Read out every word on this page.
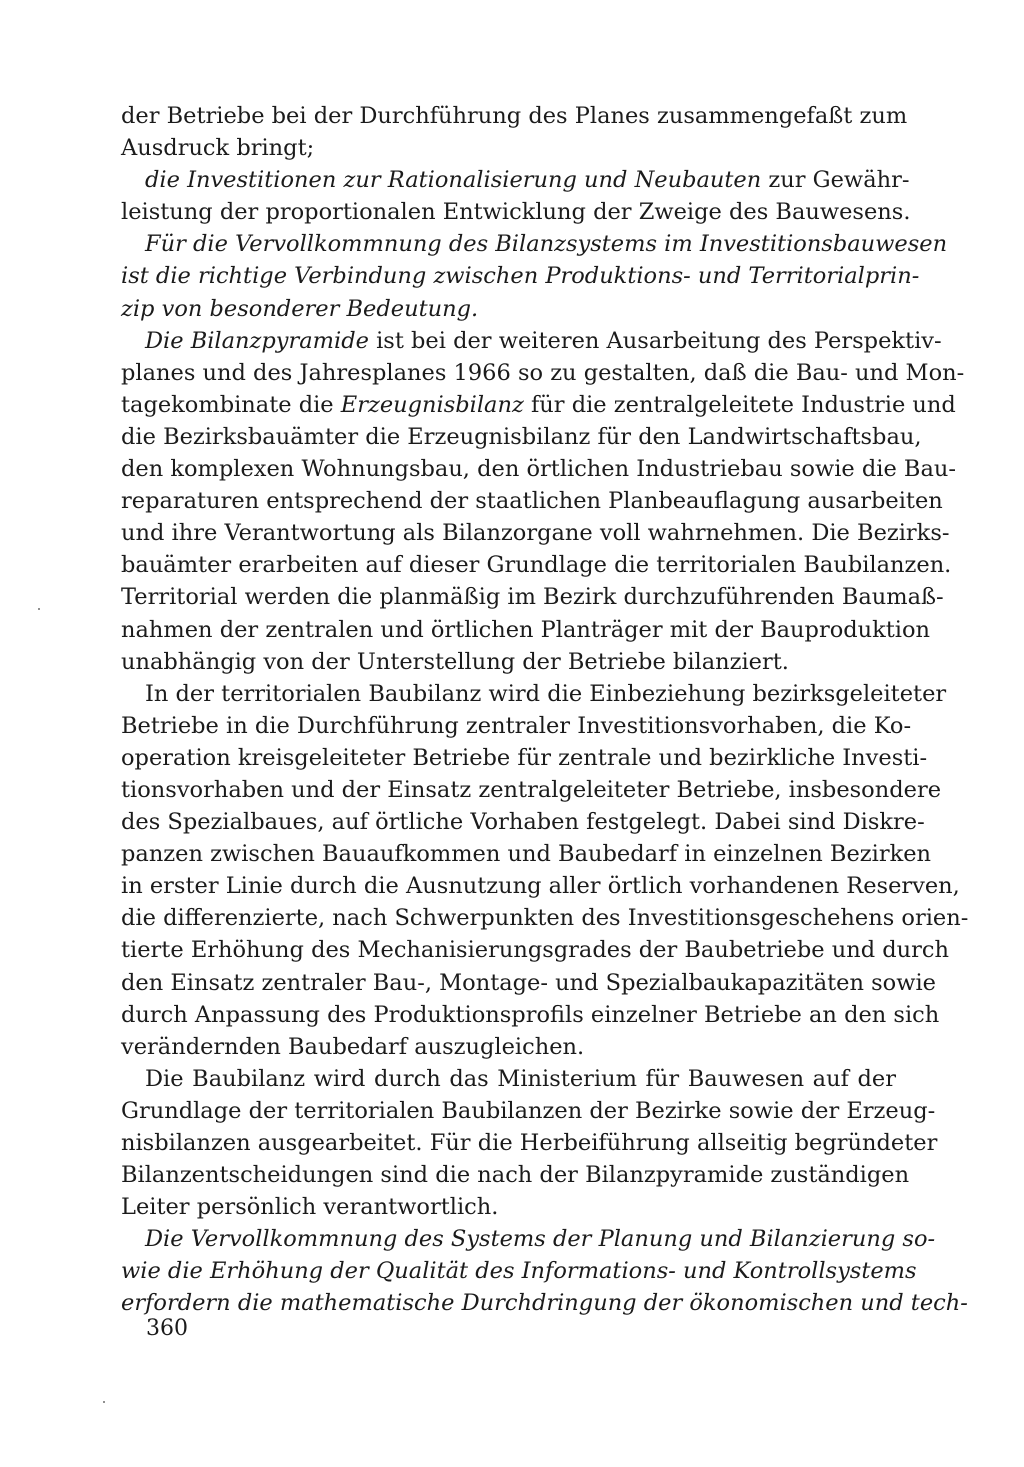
der Betriebe bei der Durchführung des Planes zusammengefaßt zum
Ausdruck bringt;
die Investitionen zur Rationalisierung und Neubauten zur Gewähr-
leistung der proportionalen Entwicklung der Zweige des Bauwesens.
Für die Vervollkommnung des Bilanzsystems im Investitionsbauwesen
ist die richtige Verbindung zwischen Produktions- und Territorialprin-
zip von besonderer Bedeutung.
Die Bilanzpyramide ist bei der weiteren Ausarbeitung des Perspektiv-
planes und des Jahresplanes 1966 so zu gestalten, daß die Bau- und Mon-
tagekombinate die Erzeugnisbilanz für die zentralgeleitete Industrie und
die Bezirksbauämter die Erzeugnisbilanz für den Landwirtschaftsbau,
den komplexen Wohnungsbau, den örtlichen Industriebau sowie die Bau-
reparaturen entsprechend der staatlichen Planbeauflagung ausarbeiten
und ihre Verantwortung als Bilanzorgane voll wahrnehmen. Die Bezirks-
bauämter erarbeiten auf dieser Grundlage die territorialen Baubilanzen.
Territorial werden die planmäßig im Bezirk durchzuführenden Baumaß-
nahmen der zentralen und örtlichen Planträger mit der Bauproduktion
unabhängig von der Unterstellung der Betriebe bilanziert.
In der territorialen Baubilanz wird die Einbeziehung bezirksgeleiteter
Betriebe in die Durchführung zentraler Investitionsvorhaben, die Ko-
operation kreisgeleiteter Betriebe für zentrale und bezirkliche Investi-
tionsvorhaben und der Einsatz zentralgeleiteter Betriebe, insbesondere
des Spezialbaues, auf örtliche Vorhaben festgelegt. Dabei sind Diskre-
panzen zwischen Bauaufkommen und Baubedarf in einzelnen Bezirken
in erster Linie durch die Ausnutzung aller örtlich vorhandenen Reserven,
die differenzierte, nach Schwerpunkten des Investitionsgeschehens orien-
tierte Erhöhung des Mechanisierungsgrades der Baubetriebe und durch
den Einsatz zentraler Bau-, Montage- und Spezialbaukapazitäten sowie
durch Anpassung des Produktionsprofils einzelner Betriebe an den sich
verändernden Baubedarf auszugleichen.
Die Baubilanz wird durch das Ministerium für Bauwesen auf der
Grundlage der territorialen Baubilanzen der Bezirke sowie der Erzeug-
nisbilanzen ausgearbeitet. Für die Herbeiführung allseitig begründeter
Bilanzentscheidungen sind die nach der Bilanzpyramide zuständigen
Leiter persönlich verantwortlich.
Die Vervollkommnung des Systems der Planung und Bilanzierung so-
wie die Erhöhung der Qualität des Informations- und Kontrollsystems
erfordern die mathematische Durchdringung der ökonomischen und tech-
360
